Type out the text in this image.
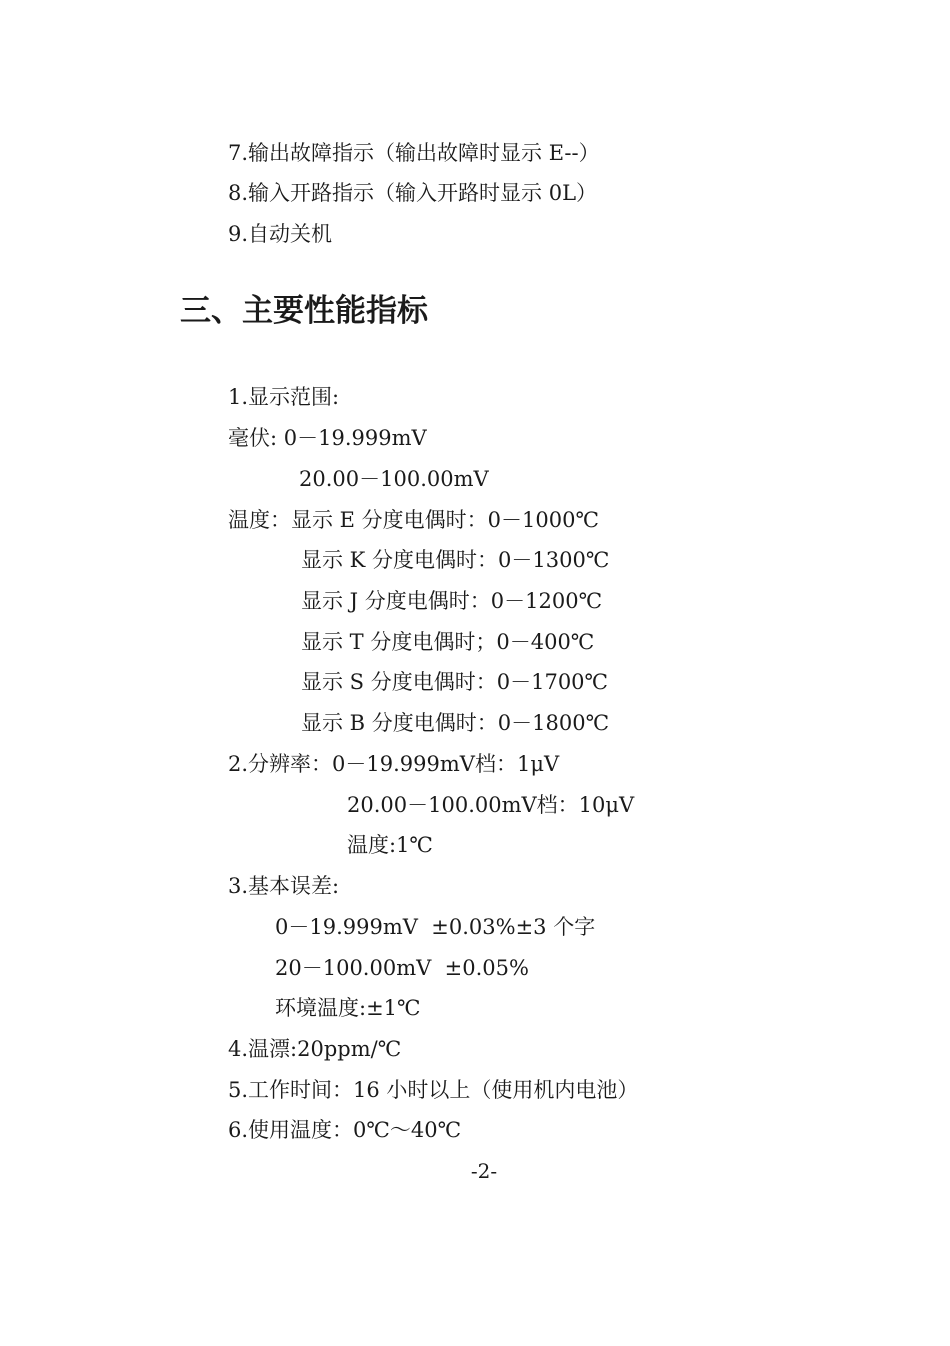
7.输出故障指示（输出故障时显示 E--）

8.输入开路指示（输入开路时显示 0L）

9.自动关机

三、主要性能指标

1.显示范围:

毫伏: 0－19.999mV

20.00－100.00mV

温度：显示 E 分度电偶时：0－1000℃

显示 K 分度电偶时：0－1300℃

显示 J 分度电偶时：0－1200℃

显示 T 分度电偶时；0－400℃

显示 S 分度电偶时：0－1700℃

显示 B 分度电偶时：0－1800℃

2.分辨率：0－19.999mV档：1μV

20.00－100.00mV档：10μV

温度:1℃

3.基本误差:

0－19.999mV  ±0.03%±3 个字

20－100.00mV  ±0.05%

环境温度:±1℃

4.温漂:20ppm/℃

5.工作时间：16 小时以上（使用机内电池）

6.使用温度：0℃～40℃

-2-
